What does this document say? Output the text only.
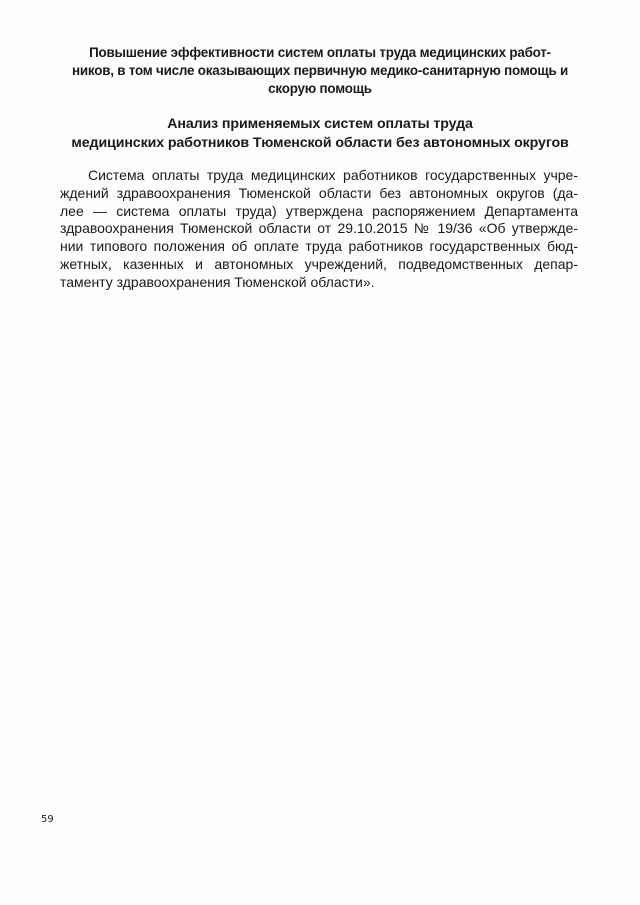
Повышение эффективности систем оплаты труда медицинских работ-
ников, в том числе оказывающих первичную медико-санитарную помощь и
скорую помощь
Анализ применяемых систем оплаты труда
медицинских работников Тюменской области без автономных округов
Система оплаты труда медицинских работников государственных учре-
ждений здравоохранения Тюменской области без автономных округов (да-
лее — система оплаты труда) утверждена распоряжением Департамента
здравоохранения Тюменской области от 29.10.2015 № 19/36 «Об утвержде-
нии типового положения об оплате труда работников государственных бюд-
жетных, казенных и автономных учреждений, подведомственных депар-
таменту здравоохранения Тюменской области».
59
